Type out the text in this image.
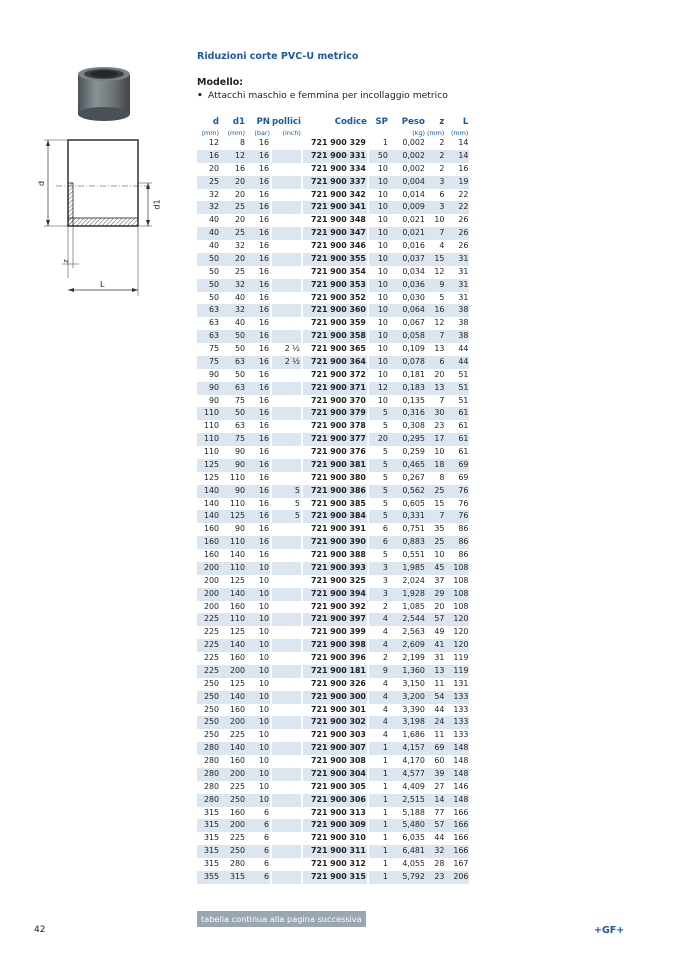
Riduzioni corte PVC-U metrico
d
d1
z
L
Modello:
• Attacchi maschio e femmina per incollaggio metrico
d	d1	PN	pollici	Codice	SP	Peso	z	L
(mm)	(mm)	(bar)	(inch)			(kg)	(mm)	(mm)
12	8	16		721 900 329	1	0,002	2	14
16	12	16		721 900 331	50	0,002	2	14
20	16	16		721 900 334	10	0,002	2	16
25	20	16		721 900 337	10	0,004	3	19
32	20	16		721 900 342	10	0,014	6	22
32	25	16		721 900 341	10	0,009	3	22
40	20	16		721 900 348	10	0,021	10	26
40	25	16		721 900 347	10	0,021	7	26
40	32	16		721 900 346	10	0,016	4	26
50	20	16		721 900 355	10	0,037	15	31
50	25	16		721 900 354	10	0,034	12	31
50	32	16		721 900 353	10	0,036	9	31
50	40	16		721 900 352	10	0,030	5	31
63	32	16		721 900 360	10	0,064	16	38
63	40	16		721 900 359	10	0,067	12	38
63	50	16		721 900 358	10	0,058	7	38
75	50	16	2 ½	721 900 365	10	0,109	13	44
75	63	16	2 ½	721 900 364	10	0,078	6	44
90	50	16		721 900 372	10	0,181	20	51
90	63	16		721 900 371	12	0,183	13	51
90	75	16		721 900 370	10	0,135	7	51
110	50	16		721 900 379	5	0,316	30	61
110	63	16		721 900 378	5	0,308	23	61
110	75	16		721 900 377	20	0,295	17	61
110	90	16		721 900 376	5	0,259	10	61
125	90	16		721 900 381	5	0,465	18	69
125	110	16		721 900 380	5	0,267	8	69
140	90	16	5	721 900 386	5	0,562	25	76
140	110	16	5	721 900 385	5	0,605	15	76
140	125	16	5	721 900 384	5	0,331	7	76
160	90	16		721 900 391	6	0,751	35	86
160	110	16		721 900 390	6	0,883	25	86
160	140	16		721 900 388	5	0,551	10	86
200	110	10		721 900 393	3	1,985	45	108
200	125	10		721 900 325	3	2,024	37	108
200	140	10		721 900 394	3	1,928	29	108
200	160	10		721 900 392	2	1,085	20	108
225	110	10		721 900 397	4	2,544	57	120
225	125	10		721 900 399	4	2,563	49	120
225	140	10		721 900 398	4	2,609	41	120
225	160	10		721 900 396	2	2,199	31	119
225	200	10		721 900 181	9	1,360	13	119
250	125	10		721 900 326	4	3,150	11	131
250	140	10		721 900 300	4	3,200	54	133
250	160	10		721 900 301	4	3,390	44	133
250	200	10		721 900 302	4	3,198	24	133
250	225	10		721 900 303	4	1,686	11	133
280	140	10		721 900 307	1	4,157	69	148
280	160	10		721 900 308	1	4,170	60	148
280	200	10		721 900 304	1	4,577	39	148
280	225	10		721 900 305	1	4,409	27	146
280	250	10		721 900 306	1	2,515	14	148
315	160	6		721 900 313	1	5,188	77	166
315	200	6		721 900 309	1	5,480	57	166
315	225	6		721 900 310	1	6,035	44	166
315	250	6		721 900 311	1	6,481	32	166
315	280	6		721 900 312	1	4,055	28	167
355	315	6		721 900 315	1	5,792	23	206
tabella continua alla pagina successiva
42	+GF+
